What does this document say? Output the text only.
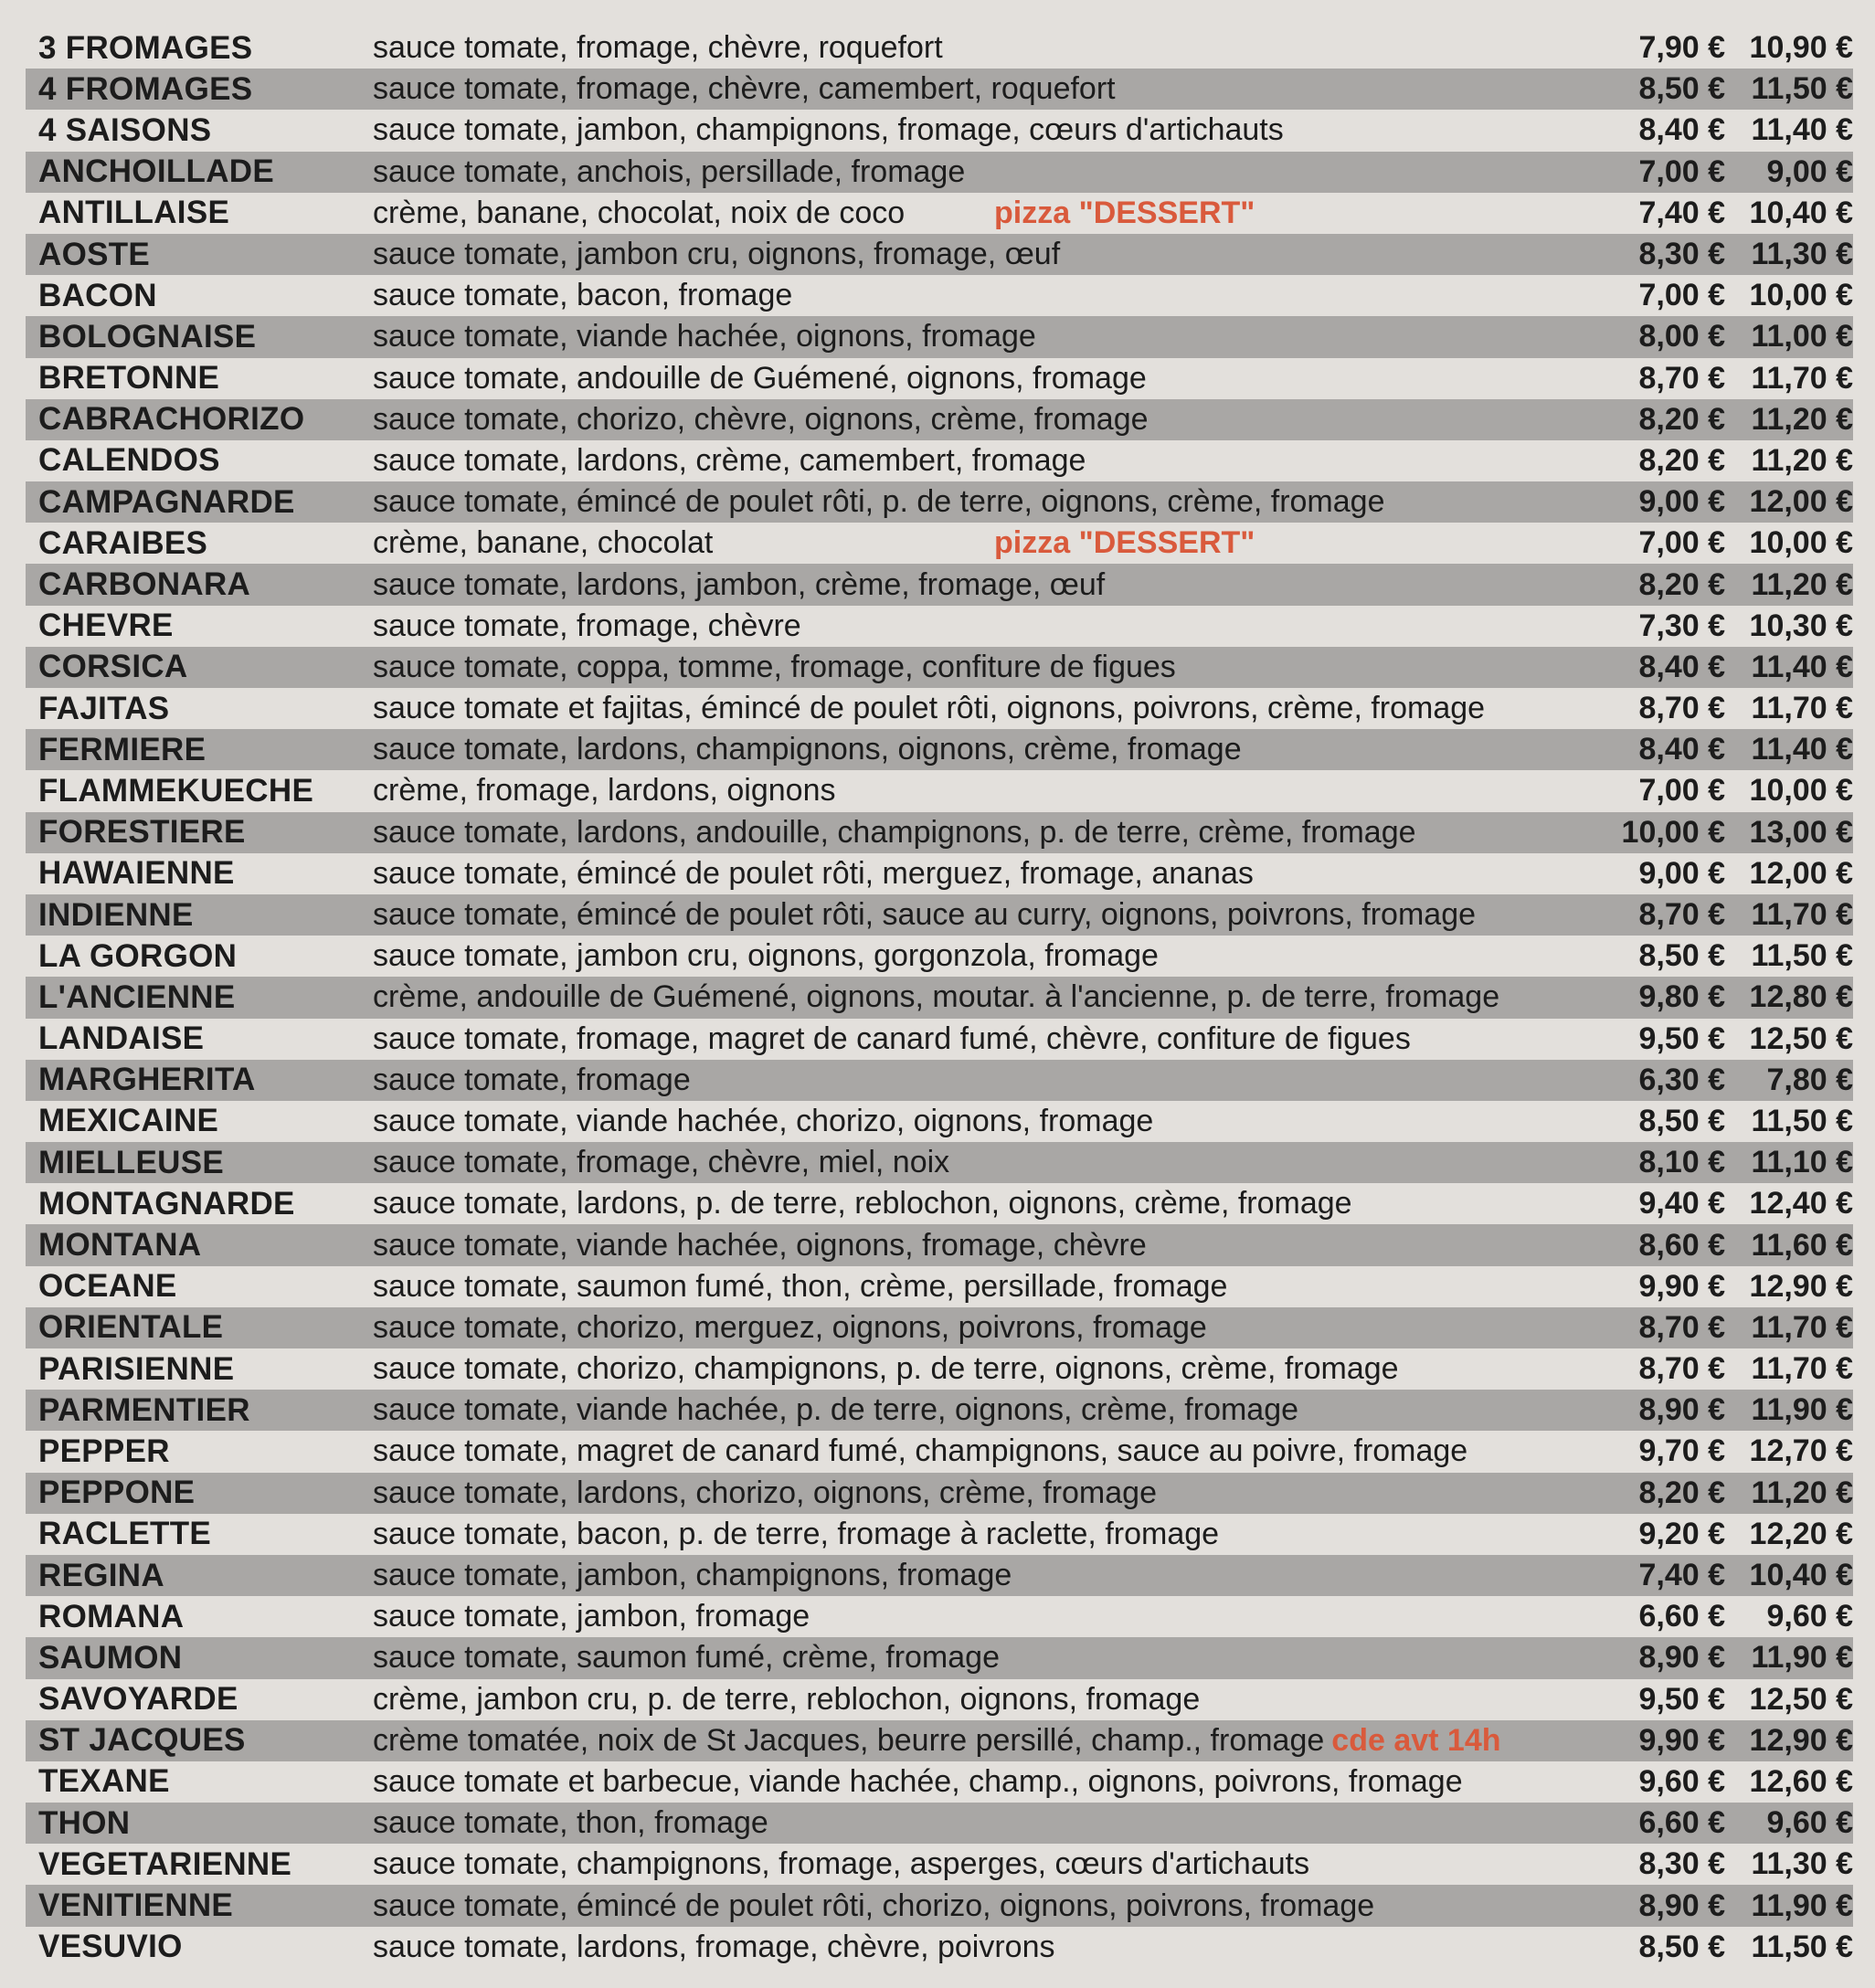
3 FROMAGES	sauce tomate, fromage, chèvre, roquefort	7,90 € 10,90 €
4 FROMAGES	sauce tomate, fromage, chèvre, camembert, roquefort	8,50 € 11,50 €
4 SAISONS	sauce tomate, jambon, champignons, fromage, cœurs d'artichauts	8,40 € 11,40 €
ANCHOILLADE	sauce tomate, anchois, persillade, fromage	7,00 €	9,00 €
ANTILLAISE	crème, banane, chocolat, noix de coco	pizza "DESSERT"	7,40 € 10,40 €
AOSTE	sauce tomate, jambon cru, oignons, fromage, œuf	8,30 € 11,30 €
BACON	sauce tomate, bacon, fromage	7,00 € 10,00 €
BOLOGNAISE	sauce tomate, viande hachée, oignons, fromage	8,00 € 11,00 €
BRETONNE	sauce tomate, andouille de Guémené, oignons, fromage	8,70 € 11,70 €
CABRACHORIZO	sauce tomate, chorizo, chèvre, oignons, crème, fromage	8,20 € 11,20 €
CALENDOS	sauce tomate, lardons, crème, camembert, fromage	8,20 € 11,20 €
CAMPAGNARDE	sauce tomate, émincé de poulet rôti, p. de terre, oignons, crème, fromage	9,00 € 12,00 €
CARAIBES	crème, banane, chocolat	pizza "DESSERT"	7,00 € 10,00 €
CARBONARA	sauce tomate, lardons, jambon, crème, fromage, œuf	8,20 € 11,20 €
CHEVRE	sauce tomate, fromage, chèvre	7,30 € 10,30 €
CORSICA	sauce tomate, coppa, tomme, fromage, confiture de figues	8,40 € 11,40 €
FAJITAS	sauce tomate et fajitas, émincé de poulet rôti, oignons, poivrons, crème, fromage	8,70 € 11,70 €
FERMIERE	sauce tomate, lardons, champignons, oignons, crème, fromage	8,40 € 11,40 €
FLAMMEKUECHE	crème, fromage, lardons, oignons	7,00 € 10,00 €
FORESTIERE	sauce tomate, lardons, andouille, champignons, p. de terre, crème, fromage	10,00 € 13,00 €
HAWAIENNE	sauce tomate, émincé de poulet rôti, merguez, fromage, ananas	9,00 € 12,00 €
INDIENNE	sauce tomate, émincé de poulet rôti, sauce au curry, oignons, poivrons, fromage	8,70 € 11,70 €
LA GORGON	sauce tomate, jambon cru, oignons, gorgonzola, fromage	8,50 € 11,50 €
L'ANCIENNE	crème, andouille de Guémené, oignons, moutar. à l'ancienne, p. de terre, fromage	9,80 € 12,80 €
LANDAISE	sauce tomate, fromage, magret de canard fumé, chèvre, confiture de figues	9,50 € 12,50 €
MARGHERITA	sauce tomate, fromage	6,30 €	7,80 €
MEXICAINE	sauce tomate, viande hachée, chorizo, oignons, fromage	8,50 € 11,50 €
MIELLEUSE	sauce tomate, fromage, chèvre, miel, noix	8,10 € 11,10 €
MONTAGNARDE	sauce tomate, lardons, p. de terre, reblochon, oignons, crème, fromage	9,40 € 12,40 €
MONTANA	sauce tomate, viande hachée, oignons, fromage, chèvre	8,60 € 11,60 €
OCEANE	sauce tomate, saumon fumé, thon, crème, persillade, fromage	9,90 € 12,90 €
ORIENTALE	sauce tomate, chorizo, merguez, oignons, poivrons, fromage	8,70 € 11,70 €
PARISIENNE	sauce tomate, chorizo, champignons, p. de terre, oignons, crème, fromage	8,70 € 11,70 €
PARMENTIER	sauce tomate, viande hachée, p. de terre, oignons, crème, fromage	8,90 € 11,90 €
PEPPER	sauce tomate, magret de canard fumé, champignons, sauce au poivre, fromage	9,70 € 12,70 €
PEPPONE	sauce tomate, lardons, chorizo, oignons, crème, fromage	8,20 € 11,20 €
RACLETTE	sauce tomate, bacon, p. de terre, fromage à raclette, fromage	9,20 € 12,20 €
REGINA	sauce tomate, jambon, champignons, fromage	7,40 € 10,40 €
ROMANA	sauce tomate, jambon, fromage	6,60 €	9,60 €
SAUMON	sauce tomate, saumon fumé, crème, fromage	8,90 € 11,90 €
SAVOYARDE	crème, jambon cru, p. de terre, reblochon, oignons, fromage	9,50 € 12,50 €
ST JACQUES	crème tomatée, noix de St Jacques, beurre persillé, champ., fromage cde avt 14h	9,90 € 12,90 €
TEXANE	sauce tomate et barbecue, viande hachée, champ., oignons, poivrons, fromage	9,60 € 12,60 €
THON	sauce tomate, thon, fromage	6,60 €	9,60 €
VEGETARIENNE	sauce tomate, champignons, fromage, asperges, cœurs d'artichauts	8,30 € 11,30 €
VENITIENNE	sauce tomate, émincé de poulet rôti, chorizo, oignons, poivrons, fromage	8,90 € 11,90 €
VESUVIO	sauce tomate, lardons, fromage, chèvre, poivrons	8,50 € 11,50 €
